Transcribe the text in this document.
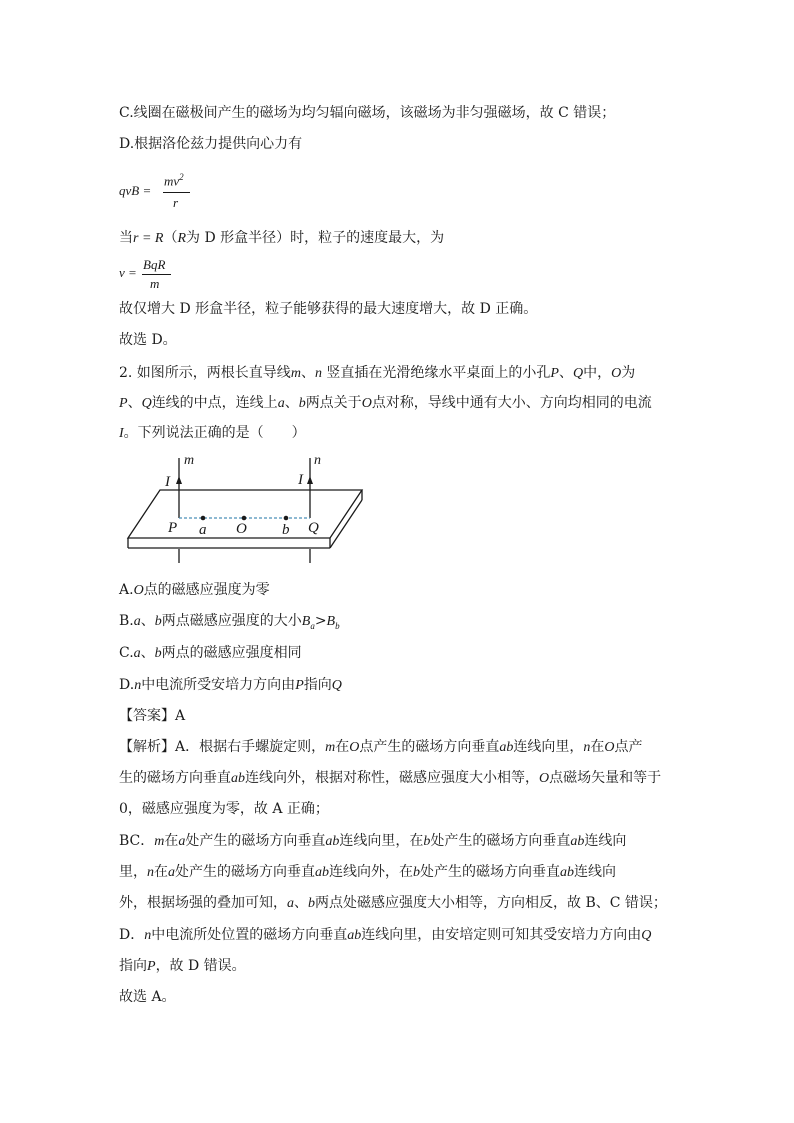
C.线圈在磁极间产生的磁场为均匀辐向磁场，该磁场为非匀强磁场，故 C 错误；
D.根据洛伦兹力提供向心力有
qvB =
$mv^2$
r
当r = R（R为 D 形盒半径）时，粒子的速度最大，为
v =
BqR
m
故仅增大 D 形盒半径，粒子能够获得的最大速度增大，故 D 正确。
故选 D。
2. 如图所示，两根长直导线m、n 竖直插在光滑绝缘水平桌面上的小孔P、Q中，O为
P、Q连线的中点，连线上a、b两点关于O点对称，导线中通有大小、方向均相同的电流
I。下列说法正确的是（　　）
m	n
I	I
P a O b Q
A.O点的磁感应强度为零
B.a、b两点磁感应强度的大小$B_a>B_b$
C.a、b两点的磁感应强度相同
D.n中电流所受安培力方向由P指向Q
【答案】A
【解析】A．根据右手螺旋定则，m在O点产生的磁场方向垂直ab连线向里，n在O点产
生的磁场方向垂直ab连线向外，根据对称性，磁感应强度大小相等，O点磁场矢量和等于
0，磁感应强度为零，故 A 正确；
BC．m在a处产生的磁场方向垂直ab连线向里，在b处产生的磁场方向垂直ab连线向
里，n在a处产生的磁场方向垂直ab连线向外，在b处产生的磁场方向垂直ab连线向
外，根据场强的叠加可知，a、b两点处磁感应强度大小相等，方向相反，故 B、C 错误；
D．n中电流所处位置的磁场方向垂直ab连线向里，由安培定则可知其受安培力方向由Q
指向P，故 D 错误。
故选 A。
